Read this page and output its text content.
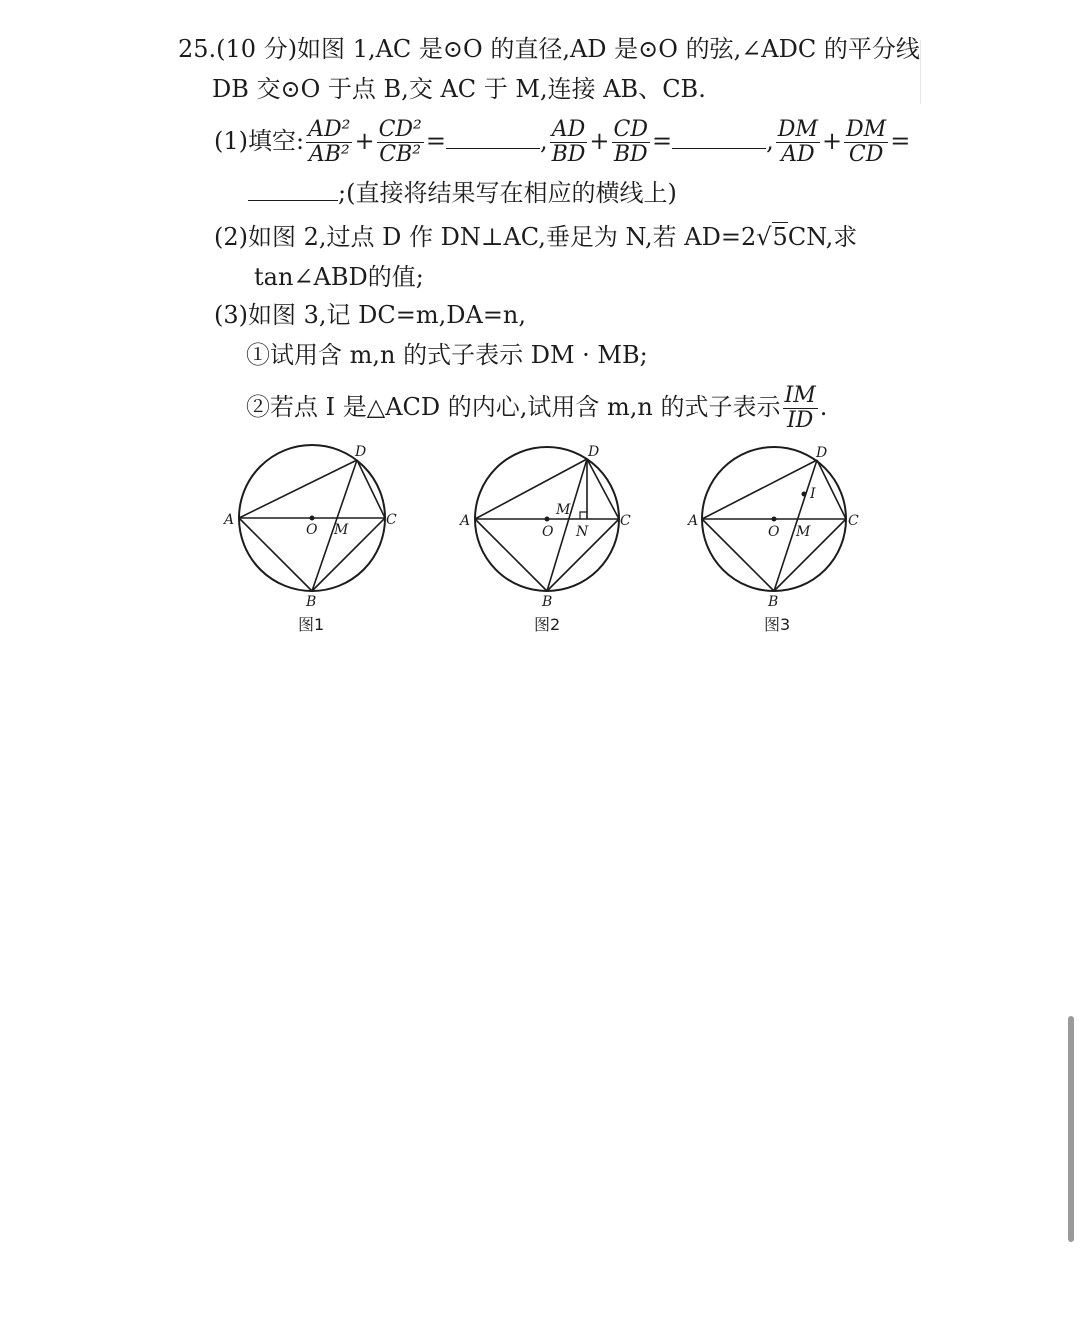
25.(10 分)如图 1,AC 是⊙O 的直径,AD 是⊙O 的弦,∠ADC 的平分线
DB 交⊙O 于点 B,交 AC 于 M,连接 AB、CB.
(1)填空: $\frac{\text{AD²}}{\text{AB²}} + \frac{\text{CD²}}{\text{CB²}}$ =	, $\frac{AD}{BD} + \frac{CD}{BD}$ =	, $\frac{DM}{AD} + \frac{DM}{CD}$ =
;(直接将结果写在相应的横线上)
(2)如图 2,过点 D 作 DN⊥AC,垂足为 N,若 AD=2√5CN,求
tan∠ABD的值;
(3)如图 3,记 DC=m,DA=n,
①试用含 m,n 的式子表示 DM · MB;
②若点 I 是△ACD 的内心,试用含 m,n 的式子表示 $\frac{IM}{ID}$ .
A
O M
C
D
B
图1
A
O
M
N
C
D
B
图2
A
O M
I
C
D
B
图3
